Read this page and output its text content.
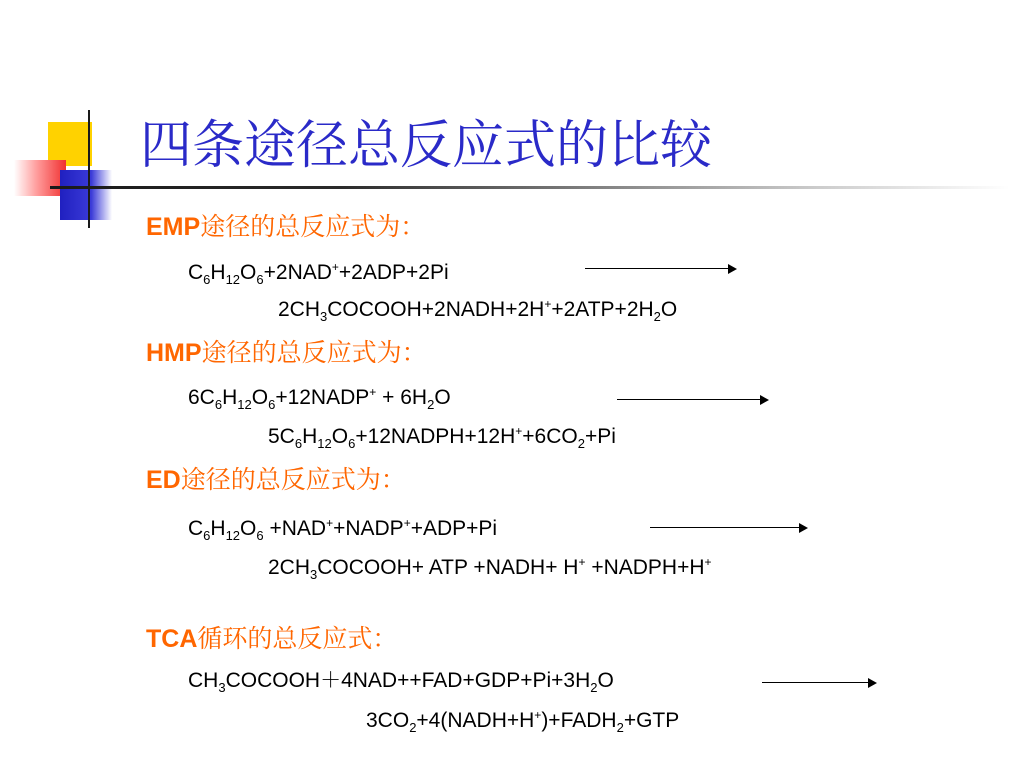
四条途径总反应式的比较
EMP途径的总反应式为：
$C_6H_{12}O_6+2NAD^++2ADP+2Pi$
$2CH_3COCOOH+2NADH+2H^++2ATP+2H_2O$
HMP途径的总反应式为：
$6C_6H_{12}O_6+12NADP^+ + 6H_2O$
$5C_6H_{12}O_6+12NADPH+12H^++6CO_2+Pi$
ED途径的总反应式为：
$C_6H_{12}O_6$ +NAD++NADP++ADP+Pi
$2CH_3COCOOH+$ ATP +NADH+ H+ +NADPH+H+
TCA循环的总反应式：
$CH_3COCOOH+4NAD++FAD+GDP+Pi+3H_2O$
$3CO_2+4(NADH+H^+)+FADH_2+GTP$
